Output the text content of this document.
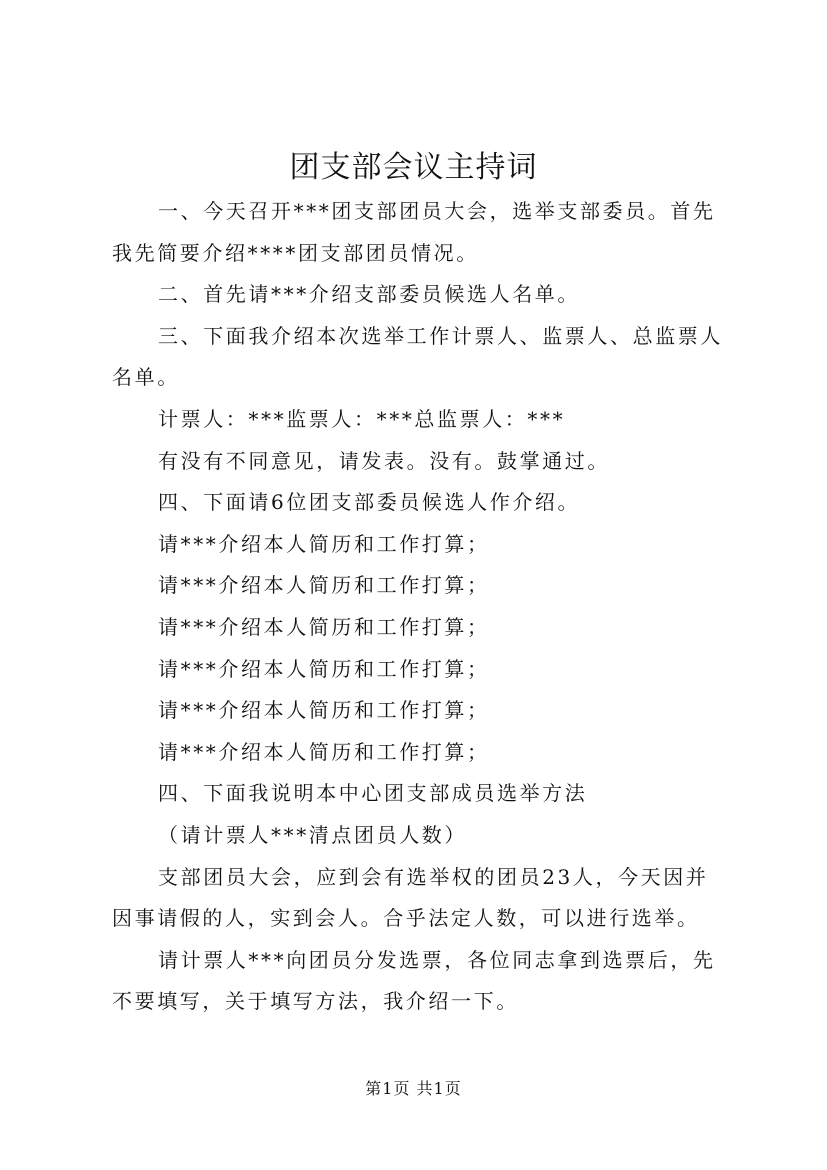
团支部会议主持词

一、今天召开***团支部团员大会，选举支部委员。首先我先简要介绍****团支部团员情况。

二、首先请***介绍支部委员候选人名单。

三、下面我介绍本次选举工作计票人、监票人、总监票人名单。

计票人：***监票人：***总监票人：***

有没有不同意见，请发表。没有。鼓掌通过。

四、下面请6位团支部委员候选人作介绍。

请***介绍本人简历和工作打算；

请***介绍本人简历和工作打算；

请***介绍本人简历和工作打算；

请***介绍本人简历和工作打算；

请***介绍本人简历和工作打算；

请***介绍本人简历和工作打算；

四、下面我说明本中心团支部成员选举方法

（请计票人***清点团员人数）

支部团员大会，应到会有选举权的团员23人，今天因并因事请假的人，实到会人。合乎法定人数，可以进行选举。

请计票人***向团员分发选票，各位同志拿到选票后，先不要填写，关于填写方法，我介绍一下。

第1页 共1页
